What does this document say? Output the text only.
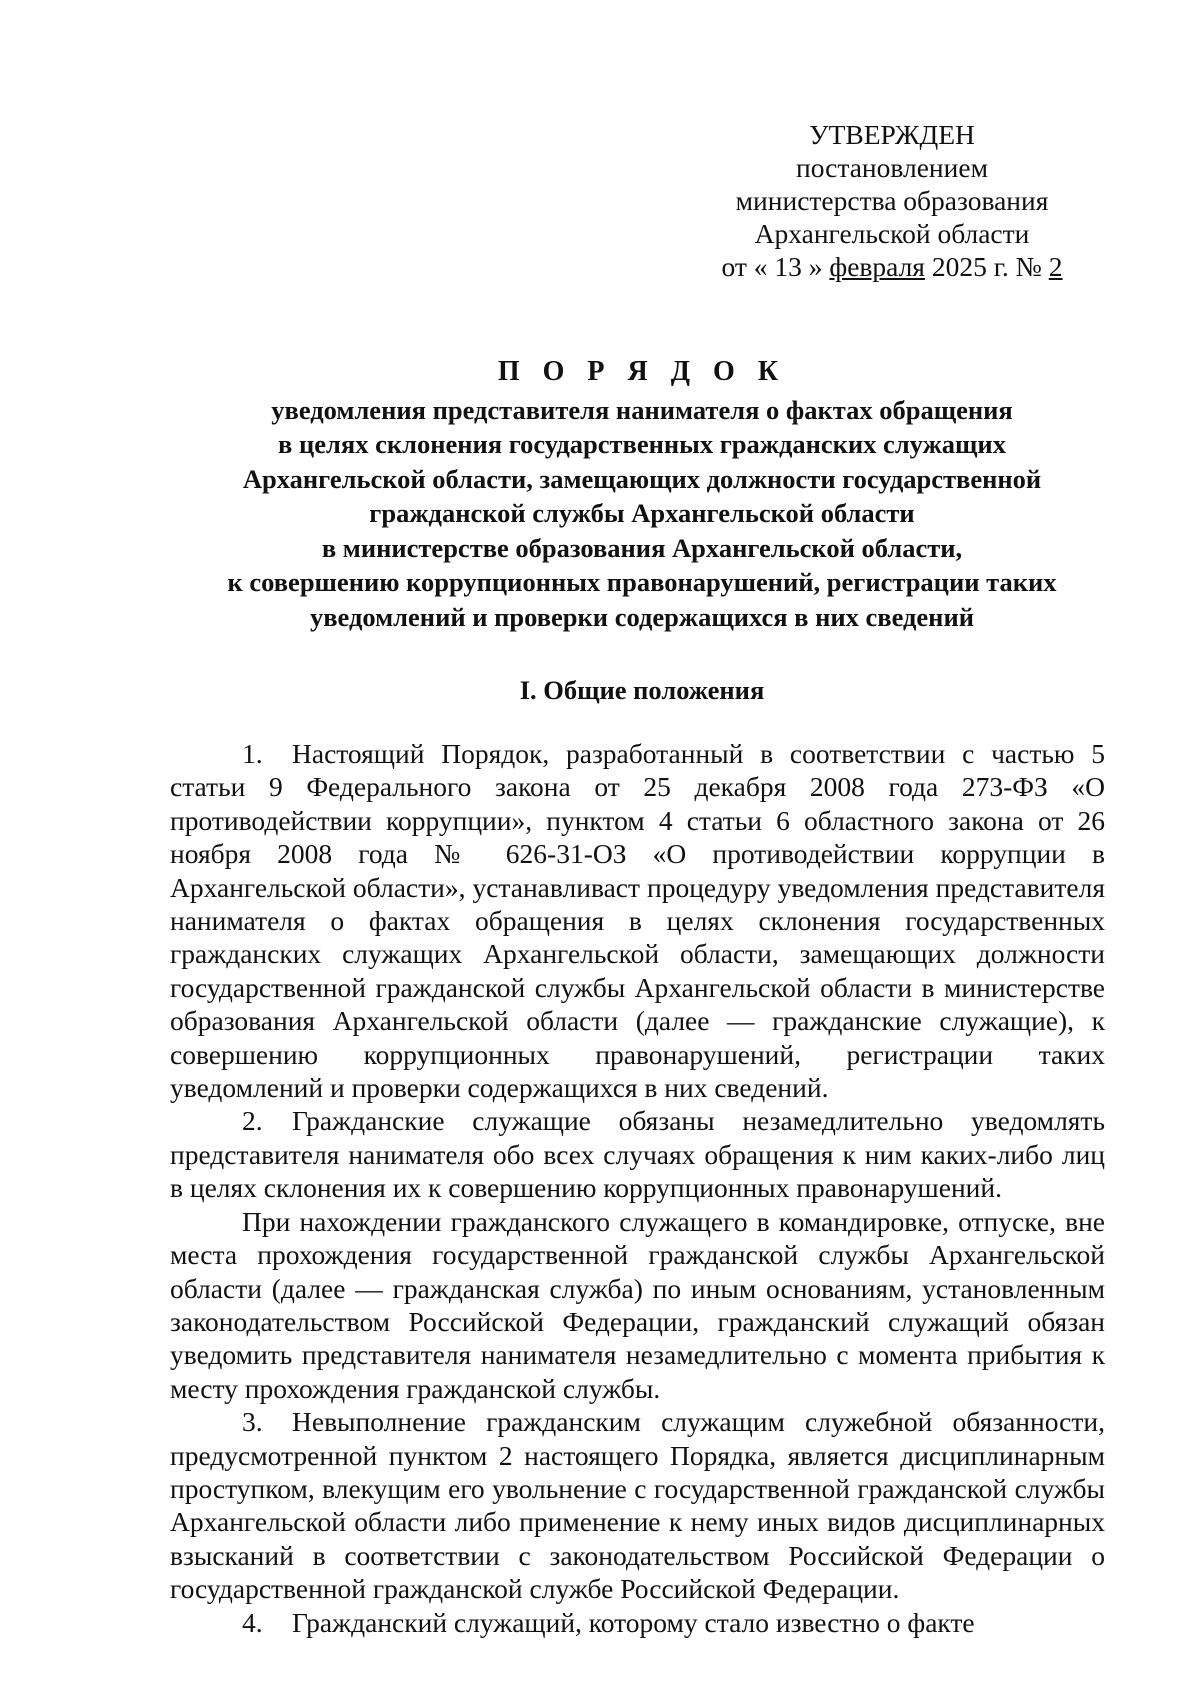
УТВЕРЖДЕН
постановлением
министерства образования
Архангельской области
от « 13 » февраля 2025 г. № 2
П О Р Я Д О К
уведомления представителя нанимателя о фактах обращения
в целях склонения государственных гражданских служащих
Архангельской области, замещающих должности государственной
гражданской службы Архангельской области
в министерстве образования Архангельской области,
к совершению коррупционных правонарушений, регистрации таких
уведомлений и проверки содержащихся в них сведений
I. Общие положения

1. Настоящий Порядок, разработанный в соответствии с частью 5 статьи 9 Федерального закона от 25 декабря 2008 года 273-ФЗ «О противодействии коррупции», пунктом 4 статьи 6 областного закона от 26 ноября 2008 года № 626-31-ОЗ «О противодействии коррупции в Архангельской области», устанавливаст процедуру уведомления представителя нанимателя о фактах обращения в целях склонения государственных гражданских служащих Архангельской области, замещающих должности государственной гражданской службы Архангельской области в министерстве образования Архангельской области (далее — гражданские служащие), к совершению коррупционных правонарушений, регистрации таких уведомлений и проверки содержащихся в них сведений.

2. Гражданские служащие обязаны незамедлительно уведомлять представителя нанимателя обо всех случаях обращения к ним каких-либо лиц в целях склонения их к совершению коррупционных правонарушений.

При нахождении гражданского служащего в командировке, отпуске, вне места прохождения государственной гражданской службы Архангельской области (далее — гражданская служба) по иным основаниям, установленным законодательством Российской Федерации, гражданский служащий обязан уведомить представителя нанимателя незамедлительно с момента прибытия к месту прохождения гражданской службы.

3. Невыполнение гражданским служащим служебной обязанности, предусмотренной пунктом 2 настоящего Порядка, является дисциплинарным проступком, влекущим его увольнение с государственной гражданской службы Архангельской области либо применение к нему иных видов дисциплинарных взысканий в соответствии с законодательством Российской Федерации о государственной гражданской службе Российской Федерации.

4. Гражданский служащий, которому стало известно о факте
